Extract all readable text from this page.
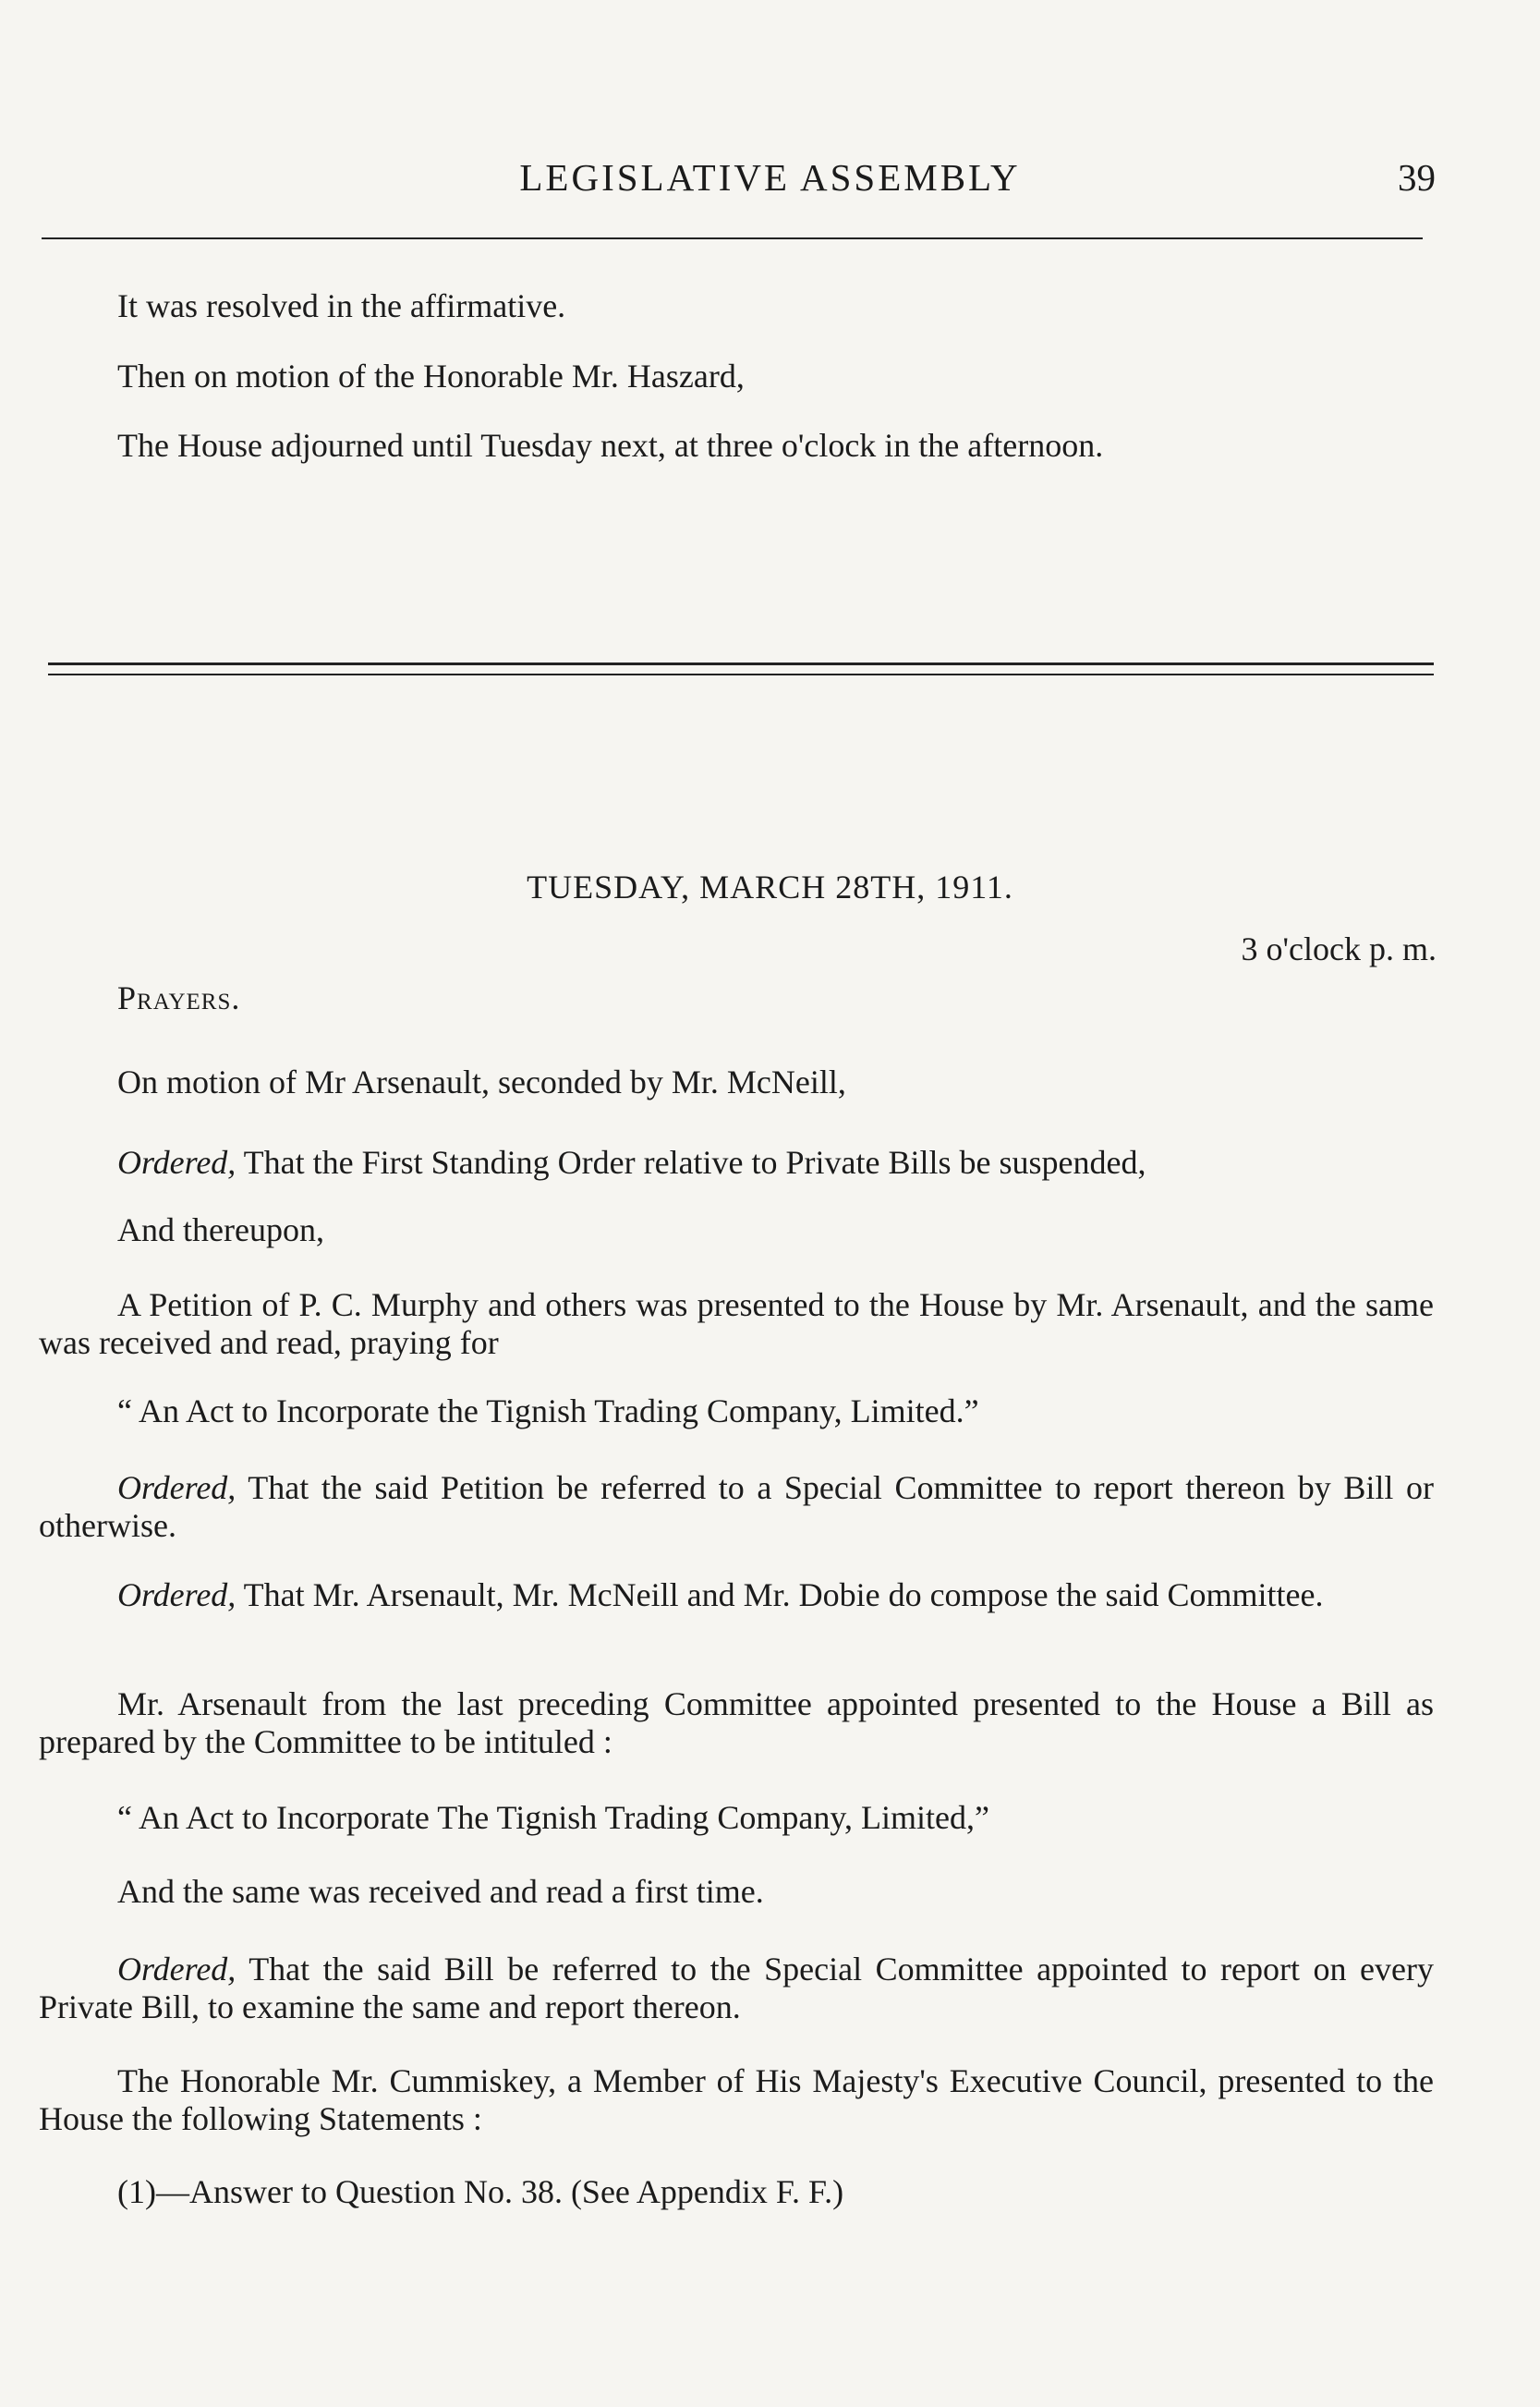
LEGISLATIVE ASSEMBLY	39

It was resolved in the affirmative.

Then on motion of the Honorable Mr. Haszard,

The House adjourned until Tuesday next, at three o'clock in the afternoon.

TUESDAY, MARCH 28TH, 1911.

3 o'clock p. m.

Prayers.

On motion of Mr Arsenault, seconded by Mr. McNeill,

Ordered, That the First Standing Order relative to Private Bills be suspended,

And thereupon,

A Petition of P. C. Murphy and others was presented to the House by Mr. Arsenault, and the same was received and read, praying for

“ An Act to Incorporate the Tignish Trading Company, Limited.”

Ordered, That the said Petition be referred to a Special Committee to report thereon by Bill or otherwise.

Ordered, That Mr. Arsenault, Mr. McNeill and Mr. Dobie do compose the said Committee.

Mr. Arsenault from the last preceding Committee appointed presented to the House a Bill as prepared by the Committee to be intituled :

“ An Act to Incorporate The Tignish Trading Company, Limited,”

And the same was received and read a first time.

Ordered, That the said Bill be referred to the Special Committee appointed to report on every Private Bill, to examine the same and report thereon.

The Honorable Mr. Cummiskey, a Member of His Majesty's Executive Council, presented to the House the following Statements :

(1)—Answer to Question No. 38. (See Appendix F. F.)
